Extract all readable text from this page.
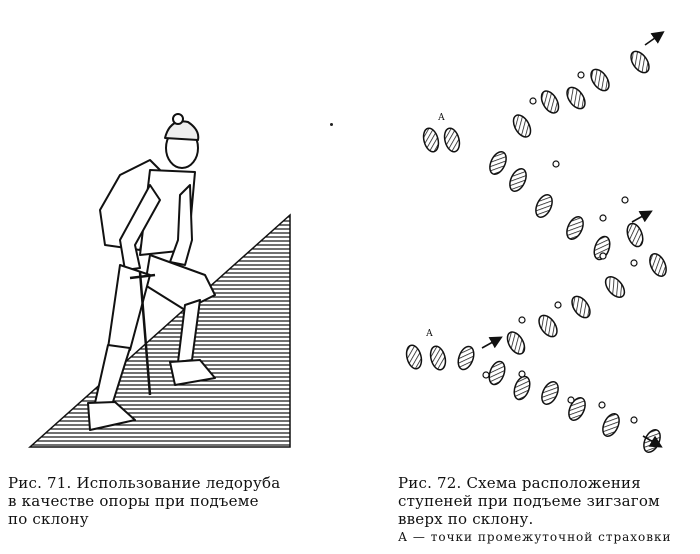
А
А
Рис. 71. Использование ледоруба
в качестве опоры при подъеме
по склону
Рис. 72. Схема расположения
ступеней при подъеме зигзагом
вверх по склону.
А — точки промежуточной страховки
